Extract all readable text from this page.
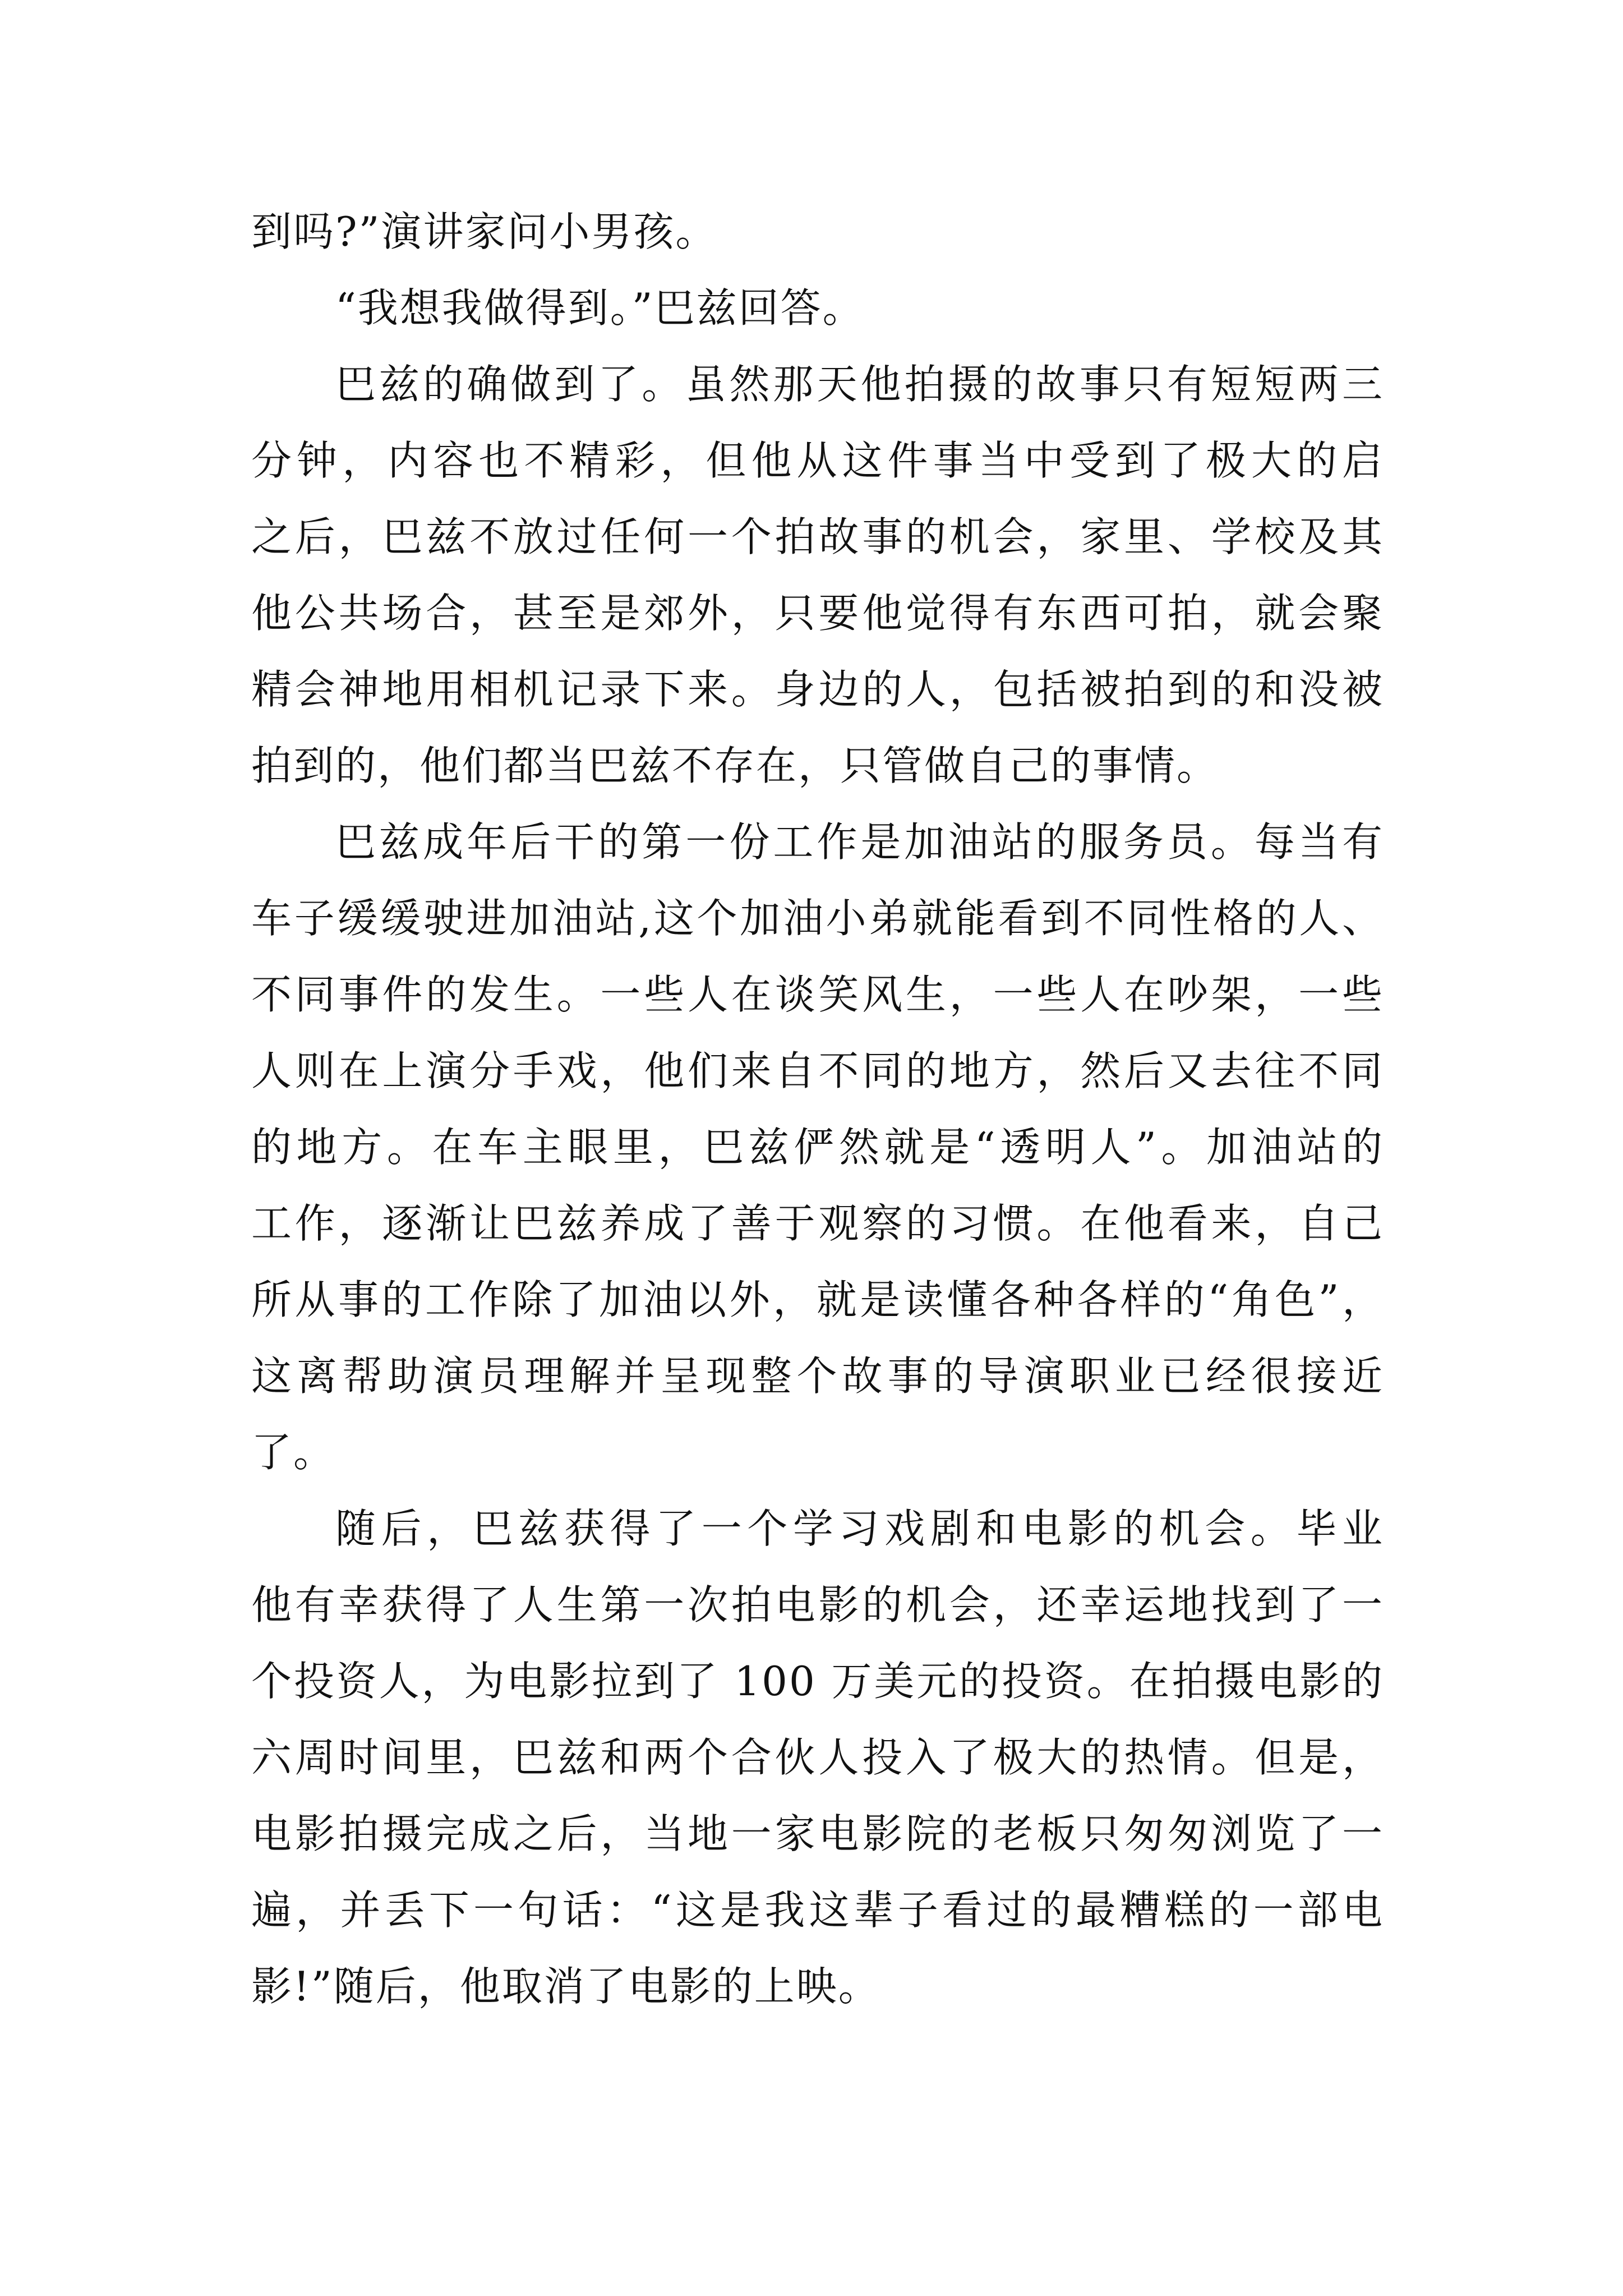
到吗?”演讲家问小男孩。
“我想我做得到。”巴兹回答。
巴兹的确做到了。虽然那天他拍摄的故事只有短短两三
分钟，内容也不精彩，但他从这件事当中受到了极大的启
之后，巴兹不放过任何一个拍故事的机会，家里、学校及其
他公共场合，甚至是郊外，只要他觉得有东西可拍，就会聚
精会神地用相机记录下来。身边的人，包括被拍到的和没被
拍到的，他们都当巴兹不存在，只管做自己的事情。
巴兹成年后干的第一份工作是加油站的服务员。每当有
车子缓缓驶进加油站,这个加油小弟就能看到不同性格的人、
不同事件的发生。一些人在谈笑风生，一些人在吵架，一些
人则在上演分手戏，他们来自不同的地方，然后又去往不同
的地方。在车主眼里，巴兹俨然就是“透明人”。加油站的
工作，逐渐让巴兹养成了善于观察的习惯。在他看来，自己
所从事的工作除了加油以外，就是读懂各种各样的“角色”，
这离帮助演员理解并呈现整个故事的导演职业已经很接近
了。
随后，巴兹获得了一个学习戏剧和电影的机会。毕业
他有幸获得了人生第一次拍电影的机会，还幸运地找到了一
个投资人，为电影拉到了 100 万美元的投资。在拍摄电影的
六周时间里，巴兹和两个合伙人投入了极大的热情。但是，
电影拍摄完成之后，当地一家电影院的老板只匆匆浏览了一
遍，并丢下一句话：“这是我这辈子看过的最糟糕的一部电
影!”随后，他取消了电影的上映。
